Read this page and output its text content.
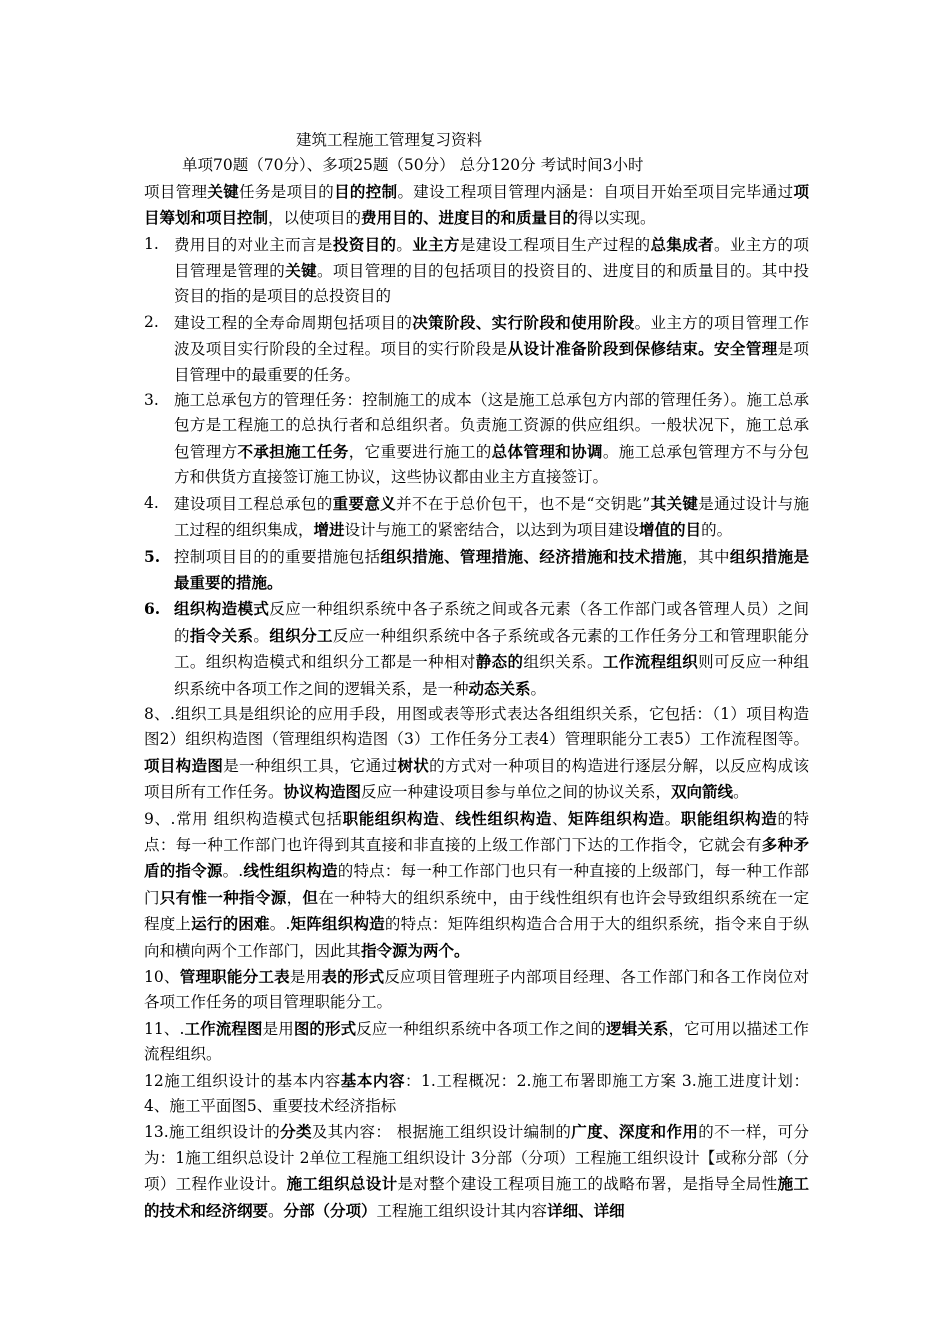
建筑工程施工管理复习资料
单项70题（70分）、多项25题（50分） 总分120分 考试时间3小时

项目管理关键任务是项目的目的控制。建设工程项目管理内涵是：自项目开始至项目完毕通过项目筹划和项目控制，以使项目的费用目的、进度目的和质量目的得以实现。

1. 费用目的对业主而言是投资目的。业主方是建设工程项目生产过程的总集成者。业主方的项目管理是管理的关键。项目管理的目的包括项目的投资目的、进度目的和质量目的。其中投资目的指的是项目的总投资目的

2. 建设工程的全寿命周期包括项目的决策阶段、实行阶段和使用阶段。业主方的项目管理工作波及项目实行阶段的全过程。项目的实行阶段是从设计准备阶段到保修结束。安全管理是项目管理中的最重要的任务。

3. 施工总承包方的管理任务：控制施工的成本（这是施工总承包方内部的管理任务）。施工总承包方是工程施工的总执行者和总组织者。负责施工资源的供应组织。一般状况下，施工总承包管理方不承担施工任务，它重要进行施工的总体管理和协调。施工总承包管理方不与分包方和供货方直接签订施工协议，这些协议都由业主方直接签订。

4. 建设项目工程总承包的重要意义并不在于总价包干，也不是“交钥匙”其关键是通过设计与施工过程的组织集成，增进设计与施工的紧密结合，以达到为项目建设增值的目的。

5. 控制项目目的的重要措施包括组织措施、管理措施、经济措施和技术措施，其中组织措施是最重要的措施。

6. 组织构造模式反应一种组织系统中各子系统之间或各元素（各工作部门或各管理人员）之间的指令关系。组织分工反应一种组织系统中各子系统或各元素的工作任务分工和管理职能分工。组织构造模式和组织分工都是一种相对静态的组织关系。工作流程组织则可反应一种组织系统中各项工作之间的逻辑关系，是一种动态关系。

8、.组织工具是组织论的应用手段，用图或表等形式表达各组组织关系，它包括：（1）项目构造图2）组织构造图（管理组织构造图（3）工作任务分工表4）管理职能分工表5）工作流程图等。项目构造图是一种组织工具，它通过树状的方式对一种项目的构造进行逐层分解，以反应构成该项目所有工作任务。协议构造图反应一种建设项目参与单位之间的协议关系，双向箭线。

9、.常用 组织构造模式包括职能组织构造、线性组织构造、矩阵组织构造。职能组织构造的特点：每一种工作部门也许得到其直接和非直接的上级工作部门下达的工作指令，它就会有多种矛盾的指令源。.线性组织构造的特点：每一种工作部门也只有一种直接的上级部门，每一种工作部门只有惟一种指令源，但在一种特大的组织系统中，由于线性组织有也许会导致组织系统在一定程度上运行的困难。.矩阵组织构造的特点：矩阵组织构造合合用于大的组织系统，指令来自于纵向和横向两个工作部门，因此其指令源为两个。

10、管理职能分工表是用表的形式反应项目管理班子内部项目经理、各工作部门和各工作岗位对各项工作任务的项目管理职能分工。

11、.工作流程图是用图的形式反应一种组织系统中各项工作之间的逻辑关系，它可用以描述工作流程组织。

12施工组织设计的基本内容基本内容：1.工程概况：2.施工布署即施工方案 3.施工进度计划：4、施工平面图5、重要技术经济指标

13.施工组织设计的分类及其内容： 根据施工组织设计编制的广度、深度和作用的不一样，可分为：1施工组织总设计 2单位工程施工组织设计 3分部（分项）工程施工组织设计【或称分部（分项）工程作业设计。施工组织总设计是对整个建设工程项目施工的战略布署，是指导全局性施工的技术和经济纲要。分部（分项）工程施工组织设计其内容详细、详细
